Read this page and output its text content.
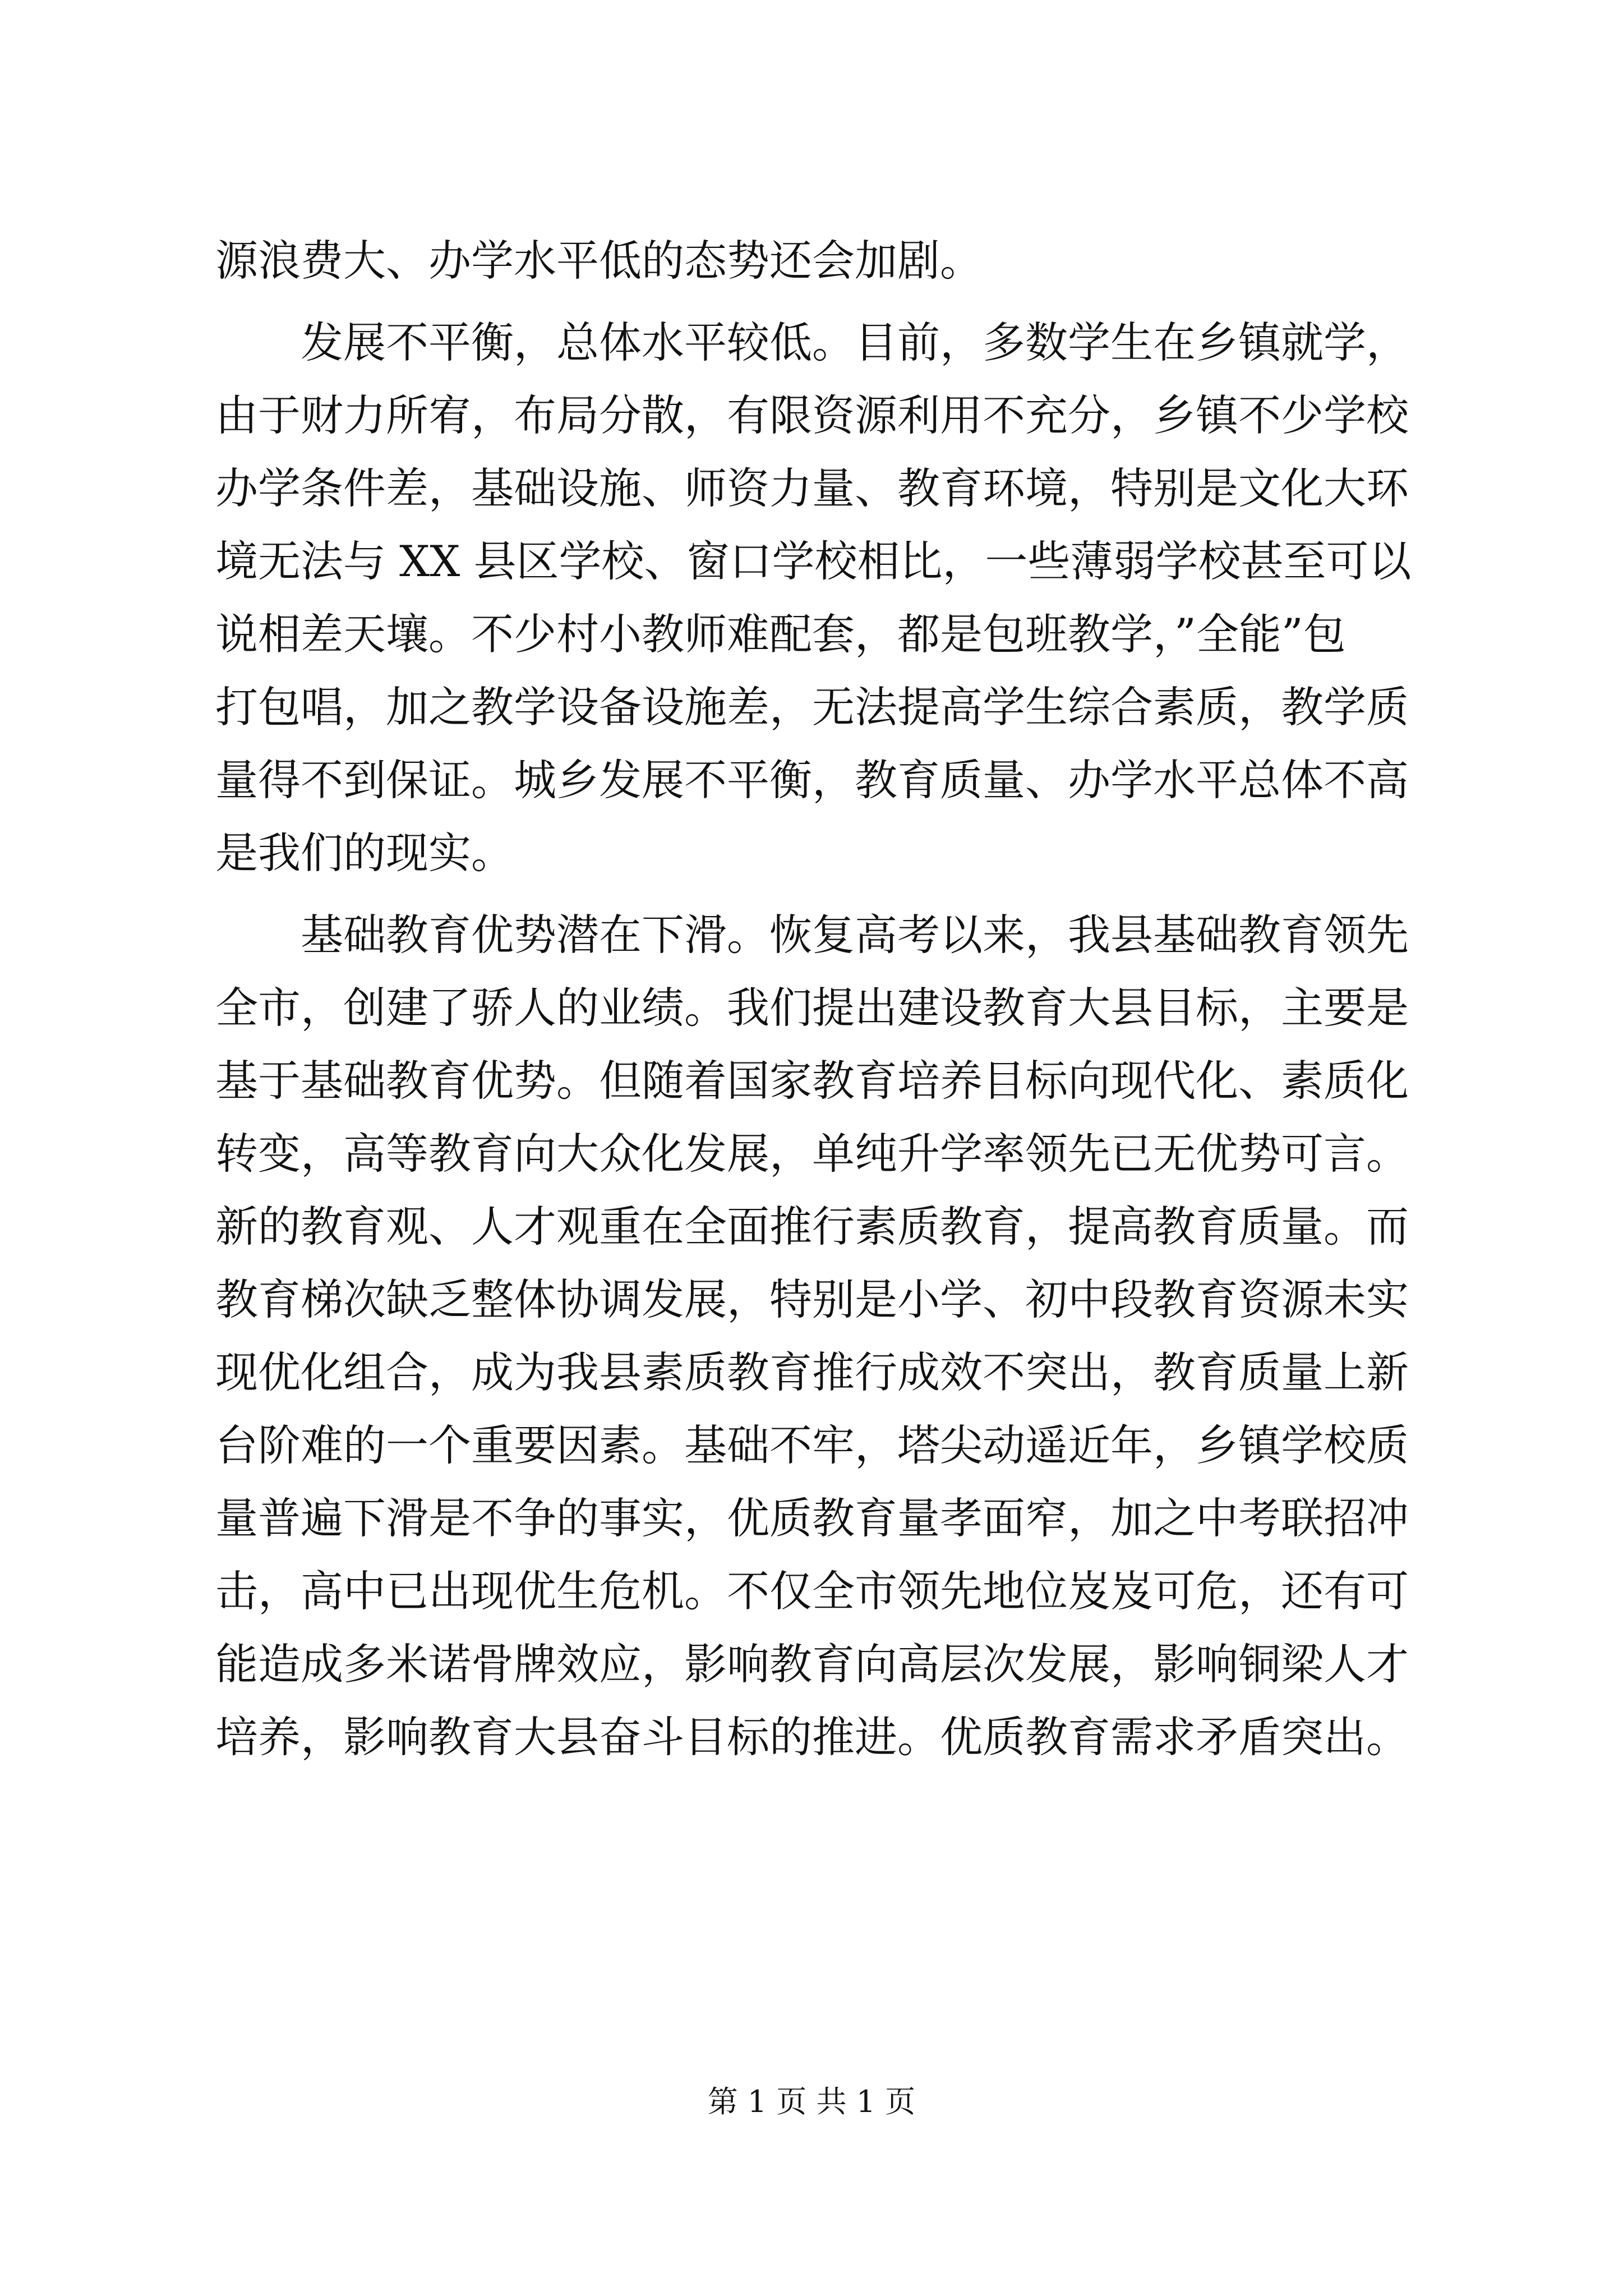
源浪费大、办学水平低的态势还会加剧。
　　发展不平衡，总体水平较低。目前，多数学生在乡镇就学，
由于财力所宥，布局分散，有限资源利用不充分，乡镇不少学校
办学条件差，基础设施、师资力量、教育环境，特别是文化大环
境无法与 XX 县区学校、窗口学校相比，一些薄弱学校甚至可以
说相差天壤。不少村小教师难配套，都是包班教学，”全能”包
打包唱，加之教学设备设施差，无法提高学生综合素质，教学质
量得不到保证。城乡发展不平衡，教育质量、办学水平总体不高
是我们的现实。
　　基础教育优势潜在下滑。恢复高考以来，我县基础教育领先
全市，创建了骄人的业绩。我们提出建设教育大县目标，主要是
基于基础教育优势。但随着国家教育培养目标向现代化、素质化
转变，高等教育向大众化发展，单纯升学率领先已无优势可言。
新的教育观、人才观重在全面推行素质教育，提高教育质量。而
教育梯次缺乏整体协调发展，特别是小学、初中段教育资源未实
现优化组合，成为我县素质教育推行成效不突出，教育质量上新
台阶难的一个重要因素。基础不牢，塔尖动遥近年，乡镇学校质
量普遍下滑是不争的事实，优质教育量孝面窄，加之中考联招冲
击，高中已出现优生危机。不仅全市领先地位岌岌可危，还有可
能造成多米诺骨牌效应，影响教育向高层次发展，影响铜梁人才
培养，影响教育大县奋斗目标的推进。优质教育需求矛盾突出。
第 1 页 共 1 页
